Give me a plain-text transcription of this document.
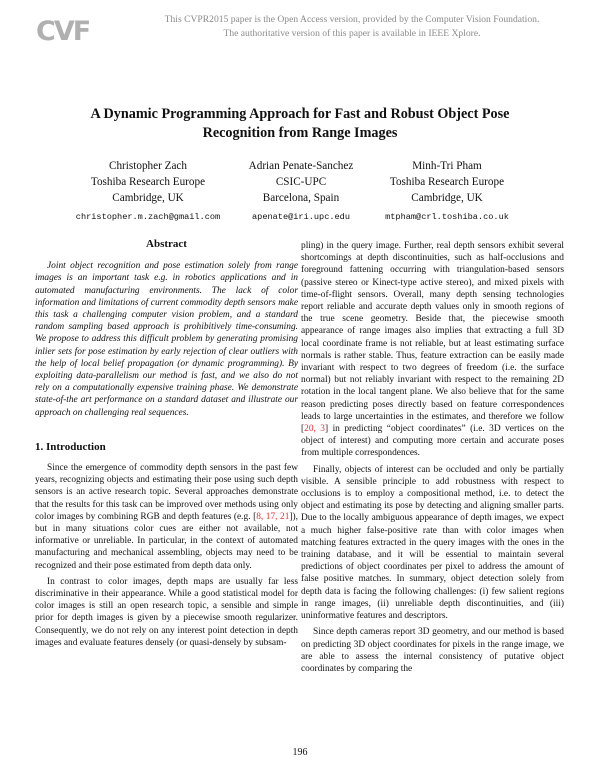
CVF	This CVPR2015 paper is the Open Access version, provided by the Computer Vision Foundation.
The authoritative version of this paper is available in IEEE Xplore.
A Dynamic Programming Approach for Fast and Robust Object Pose
Recognition from Range Images
Christopher Zach
Toshiba Research Europe
Cambridge, UK
christopher.m.zach@gmail.com
Adrian Penate-Sanchez
CSIC-UPC
Barcelona, Spain
apenate@iri.upc.edu
Minh-Tri Pham
Toshiba Research Europe
Cambridge, UK
mtpham@crl.toshiba.co.uk
Abstract

Joint object recognition and pose estimation solely from range images is an important task e.g. in robotics applications and in automated manufacturing environments. The lack of color information and limitations of current commodity depth sensors make this task a challenging computer vision problem, and a standard random sampling based approach is prohibitively time-consuming. We propose to address this difficult problem by generating promising inlier sets for pose estimation by early rejection of clear outliers with the help of local belief propagation (or dynamic programming). By exploiting data-parallelism our method is fast, and we also do not rely on a computationally expensive training phase. We demonstrate state-of-the art performance on a standard dataset and illustrate our approach on challenging real sequences.

1. Introduction

Since the emergence of commodity depth sensors in the past few years, recognizing objects and estimating their pose using such depth sensors is an active research topic. Several approaches demonstrate that the results for this task can be improved over methods using only color images by combining RGB and depth features (e.g. [8, 17, 21]), but in many situations color cues are either not available, not informative or unreliable. In particular, in the context of automated manufacturing and mechanical assembling, objects may need to be recognized and their pose estimated from depth data only.

In contrast to color images, depth maps are usually far less discriminative in their appearance. While a good statistical model for color images is still an open research topic, a sensible and simple prior for depth images is given by a piecewise smooth regularizer. Consequently, we do not rely on any interest point detection in depth images and evaluate features densely (or quasi-densely by subsam-

pling) in the query image. Further, real depth sensors exhibit several shortcomings at depth discontinuities, such as half-occlusions and foreground fattening occurring with triangulation-based sensors (passive stereo or Kinect-type active stereo), and mixed pixels with time-of-flight sensors. Overall, many depth sensing technologies report reliable and accurate depth values only in smooth regions of the true scene geometry. Beside that, the piecewise smooth appearance of range images also implies that extracting a full 3D local coordinate frame is not reliable, but at least estimating surface normals is rather stable. Thus, feature extraction can be easily made invariant with respect to two degrees of freedom (i.e. the surface normal) but not reliably invariant with respect to the remaining 2D rotation in the local tangent plane. We also believe that for the same reason predicting poses directly based on feature correspondences leads to large uncertainties in the estimates, and therefore we follow [20, 3] in predicting “object coordinates” (i.e. 3D vertices on the object of interest) and computing more certain and accurate poses from multiple correspondences.

Finally, objects of interest can be occluded and only be partially visible. A sensible principle to add robustness with respect to occlusions is to employ a compositional method, i.e. to detect the object and estimating its pose by detecting and aligning smaller parts. Due to the locally ambiguous appearance of depth images, we expect a much higher false-positive rate than with color images when matching features extracted in the query images with the ones in the training database, and it will be essential to maintain several predictions of object coordinates per pixel to address the amount of false positive matches. In summary, object detection solely from depth data is facing the following challenges: (i) few salient regions in range images, (ii) unreliable depth discontinuities, and (iii) uninformative features and descriptors.

Since depth cameras report 3D geometry, and our method is based on predicting 3D object coordinates for pixels in the range image, we are able to assess the internal consistency of putative object coordinates by comparing the

196
